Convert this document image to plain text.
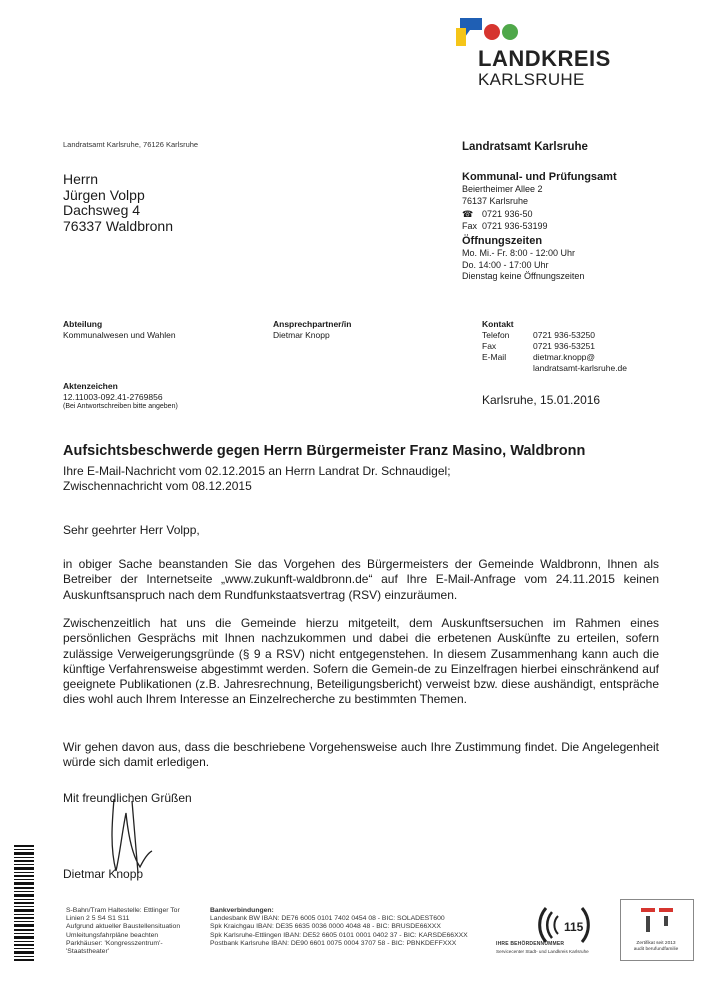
LANDKREIS
KARLSRUHE
Landratsamt Karlsruhe, 76126 Karlsruhe
Herrn
Jürgen Volpp
Dachsweg 4
76337 Waldbronn
Landratsamt Karlsruhe
Kommunal- und Prüfungsamt
Beiertheimer Allee 2
76137 Karlsruhe
☎ 0721 936-50
Fax 0721 936-53199
Öffnungszeiten
Mo. Mi.- Fr. 8:00 - 12:00 Uhr
Do. 14:00 - 17:00 Uhr
Dienstag keine Öffnungszeiten
Abteilung
Kommunalwesen und Wahlen
Ansprechpartner/in
Dietmar Knopp
Kontakt
Telefon	0721 936-53250
Fax	0721 936-53251
E-Mail	dietmar.knopp@
landratsamt-karlsruhe.de
Aktenzeichen
12.11003-092.41-2769856
(Bei Antwortschreiben bitte angeben)	Karlsruhe, 15.01.2016
Aufsichtsbeschwerde gegen Herrn Bürgermeister Franz Masino, Waldbronn
Ihre E-Mail-Nachricht vom 02.12.2015 an Herrn Landrat Dr. Schnaudigel;
Zwischennachricht vom 08.12.2015
Sehr geehrter Herr Volpp,
in obiger Sache beanstanden Sie das Vorgehen des Bürgermeisters der Gemeinde Waldbronn, Ihnen als Betreiber der Internetseite „www.zukunft-waldbronn.de“ auf Ihre E-Mail-Anfrage vom 24.11.2015 keinen Auskunftsanspruch nach dem Rundfunkstaatsvertrag (RSV) einzuräumen.
Zwischenzeitlich hat uns die Gemeinde hierzu mitgeteilt, dem Auskunftsersuchen im Rahmen eines persönlichen Gesprächs mit Ihnen nachzukommen und dabei die erbetenen Auskünfte zu erteilen, sofern zulässige Verweigerungsgründe (§ 9 a RSV) nicht entgegenstehen. In diesem Zusammenhang kann auch die künftige Verfahrensweise abgestimmt werden. Sofern die Gemein-de zu Einzelfragen hierbei einschränkend auf geeignete Publikationen (z.B. Jahresrechnung, Beteiligungsbericht) verweist bzw. diese aushändigt, entspräche dies wohl auch Ihrem Interesse an Einzelrecherche zu bestimmten Themen.
Wir gehen davon aus, dass die beschriebene Vorgehensweise auch Ihre Zustimmung findet. Die Angelegenheit würde sich damit erledigen.
Mit freundlichen Grüßen
Dietmar Knopp
S-Bahn/Tram Haltestelle: Ettlinger Tor
Linien 2 5 S4 S1 S11
Aufgrund aktueller Baustellensituation
Umleitungsfahrpläne beachten
Parkhäuser: 'Kongresszentrum'-
'Staatstheater'
Bankverbindungen:
Landesbank BW IBAN: DE76 6005 0101 7402 0454 08 - BIC: SOLADEST600
Spk Kraichgau IBAN: DE35 6635 0036 0000 4048 48 - BIC: BRUSDE66XXX
Spk Karlsruhe-Ettlingen IBAN: DE52 6605 0101 0001 0402 37 - BIC: KARSDE66XXX
Postbank Karlsruhe IBAN: DE90 6601 0075 0004 3707 58 - BIC: PBNKDEFFXXX
115
IHRE BEHÖRDENNUMMER
Servicecenter Stadt- und Landkreis Karlsruhe
Zertifikat seit 2013
audit berufundfamilie
